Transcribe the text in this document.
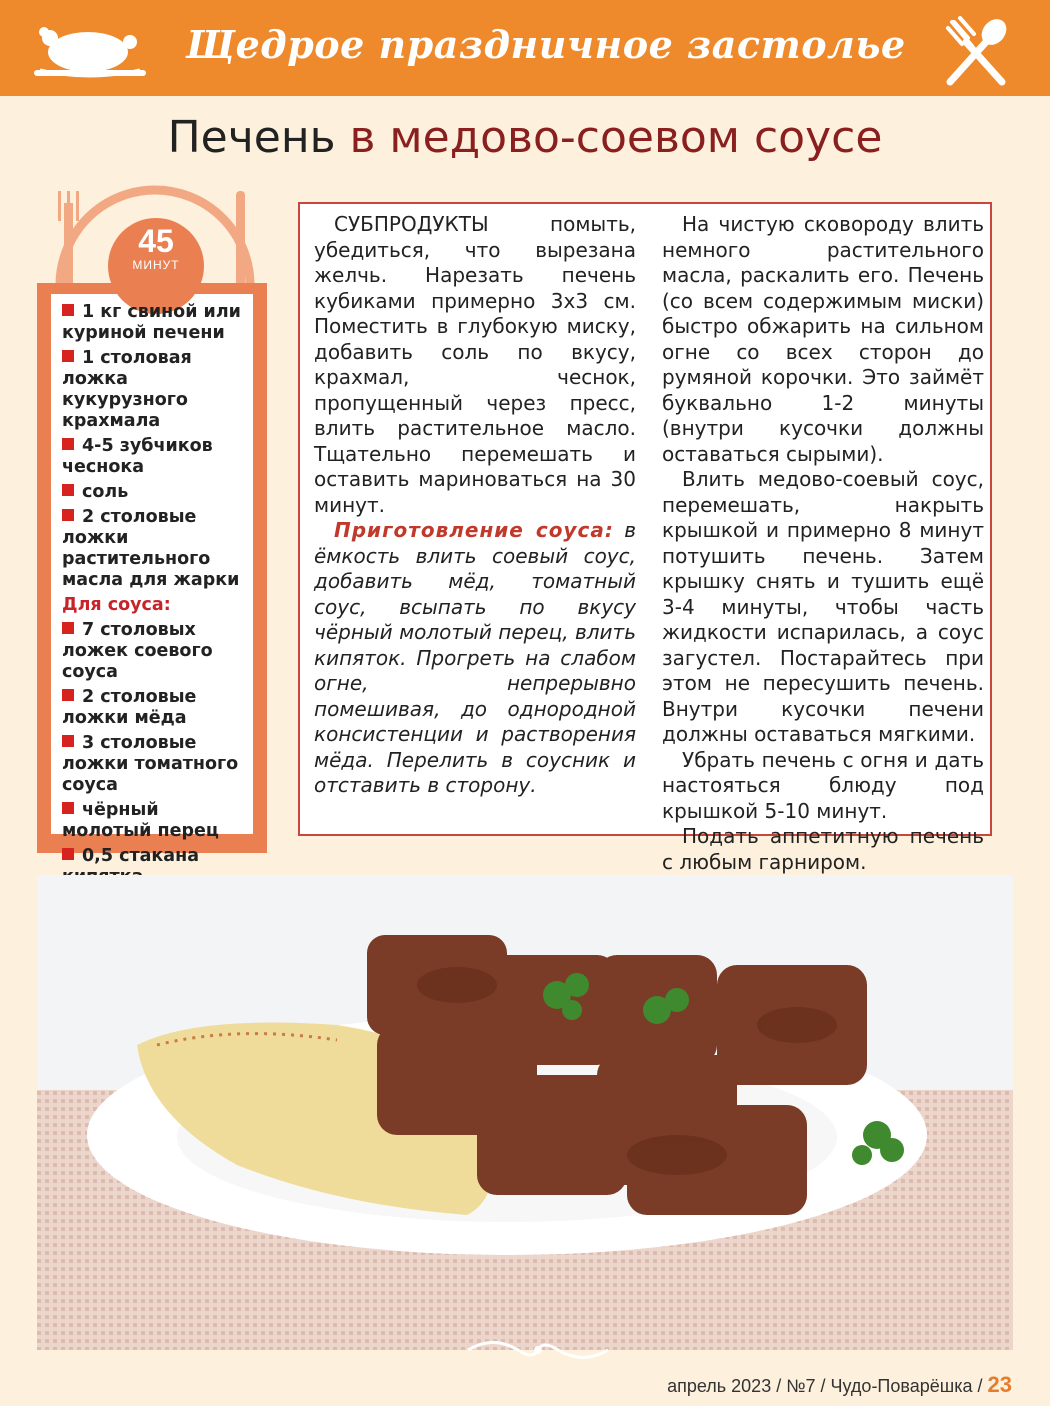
Щедрое праздничное застолье
Печень в медово-соевом соусе
45
МИНУТ
1 кг свиной или куриной печени
1 столовая ложка кукурузного крахмала
4-5 зубчиков чеснока
соль
2 столовые ложки растительного масла для жарки
Для соуса:
7 столовых ложек соевого соуса
2 столовые ложки мёда
3 столовые ложки томатного соуса
чёрный молотый перец
0,5 стакана

СУБПРОДУКТЫ помыть, убедиться, что вырезана желчь. Нарезать печень кубиками примерно 3х3 см. Поместить в глубокую миску, добавить соль по вкусу, крахмал, чеснок, пропущенный через пресс, влить растительное масло. Тщательно перемешать и оставить мариноваться на 30 минут.

Приготовление соуса: в ёмкость влить соевый соус, добавить мёд, томатный соус, всыпать по вкусу чёрный молотый перец, влить кипяток. Прогреть на слабом огне, непрерывно помешивая, до однородной консистенции и растворения мёда. Перелить в соусник и отставить в сторону.

На чистую сковороду влить немного растительного масла, раскалить его. Печень (со всем содержимым миски) быстро обжарить на сильном огне со всех сторон до румяной корочки. Это займёт буквально 1-2 минуты (внутри кусочки должны оставаться сырыми).

Влить медово-соевый соус, перемешать, накрыть крышкой и примерно 8 минут потушить печень. Затем крышку снять и тушить ещё 3-4 минуты, чтобы часть жидкости испарилась, а соус загустел. Постарайтесь при этом не пересушить печень. Внутри кусочки печени должны оставаться мягкими.

Убрать печень с огня и дать настояться блюду под крышкой 5-10 минут.

Подать аппетитную печень с любым гарниром.

апрель 2023 / №7 / Чудо-Поварёшка / 23
